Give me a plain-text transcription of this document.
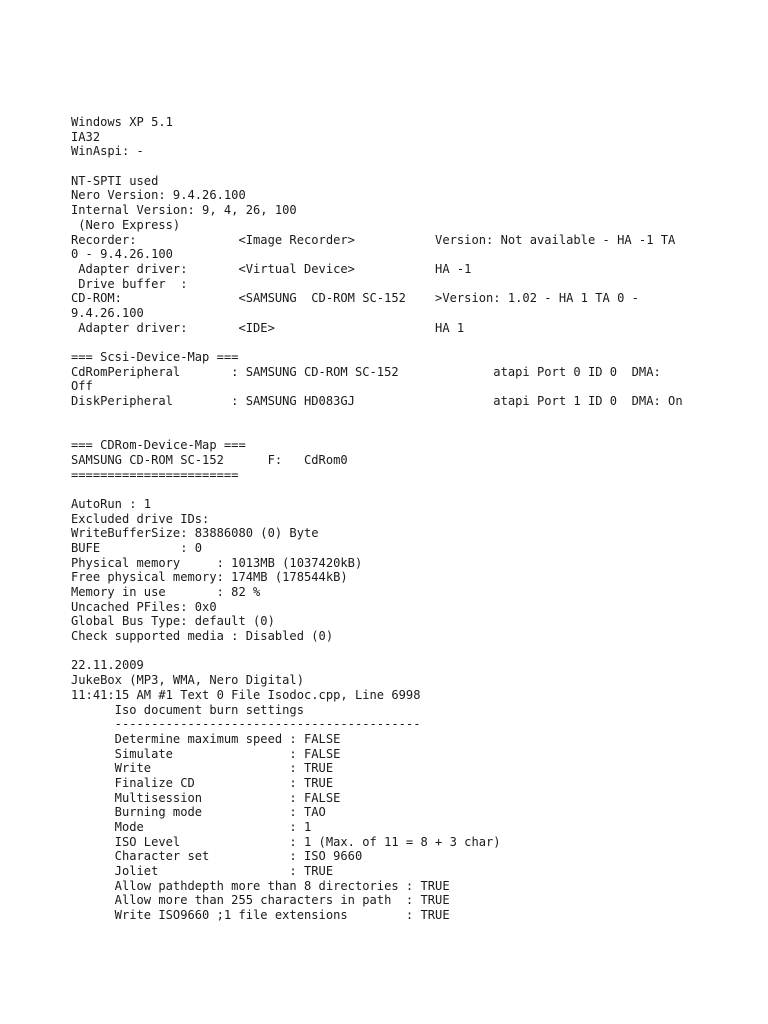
Windows XP 5.1
IA32
WinAspi: -
NT-SPTI used
Nero Version: 9.4.26.100
Internal Version: 9, 4, 26, 100
(Nero Express)
Recorder:              <Image Recorder>           Version: Not available - HA -1 TA
0 - 9.4.26.100
Adapter driver:       <Virtual Device>           HA -1
Drive buffer  :
CD-ROM:                <SAMSUNG  CD-ROM SC-152    >Version: 1.02 - HA 1 TA 0 -
9.4.26.100
Adapter driver:       <IDE>                      HA 1
=== Scsi-Device-Map ===
CdRomPeripheral       : SAMSUNG CD-ROM SC-152             atapi Port 0 ID 0  DMA:
Off
DiskPeripheral        : SAMSUNG HD083GJ                   atapi Port 1 ID 0  DMA: On
=== CDRom-Device-Map ===
SAMSUNG CD-ROM SC-152      F:   CdRom0
=======================
AutoRun : 1
Excluded drive IDs:
WriteBufferSize: 83886080 (0) Byte
BUFE           : 0
Physical memory     : 1013MB (1037420kB)
Free physical memory: 174MB (178544kB)
Memory in use       : 82 %
Uncached PFiles: 0x0
Global Bus Type: default (0)
Check supported media : Disabled (0)
22.11.2009
JukeBox (MP3, WMA, Nero Digital)
11:41:15 AM #1 Text 0 File Isodoc.cpp, Line 6998
Iso document burn settings
------------------------------------------
Determine maximum speed : FALSE
Simulate                : FALSE
Write                   : TRUE
Finalize CD             : TRUE
Multisession            : FALSE
Burning mode            : TAO
Mode                    : 1
ISO Level               : 1 (Max. of 11 = 8 + 3 char)
Character set           : ISO 9660
Joliet                  : TRUE
Allow pathdepth more than 8 directories : TRUE
Allow more than 255 characters in path  : TRUE
Write ISO9660 ;1 file extensions        : TRUE
